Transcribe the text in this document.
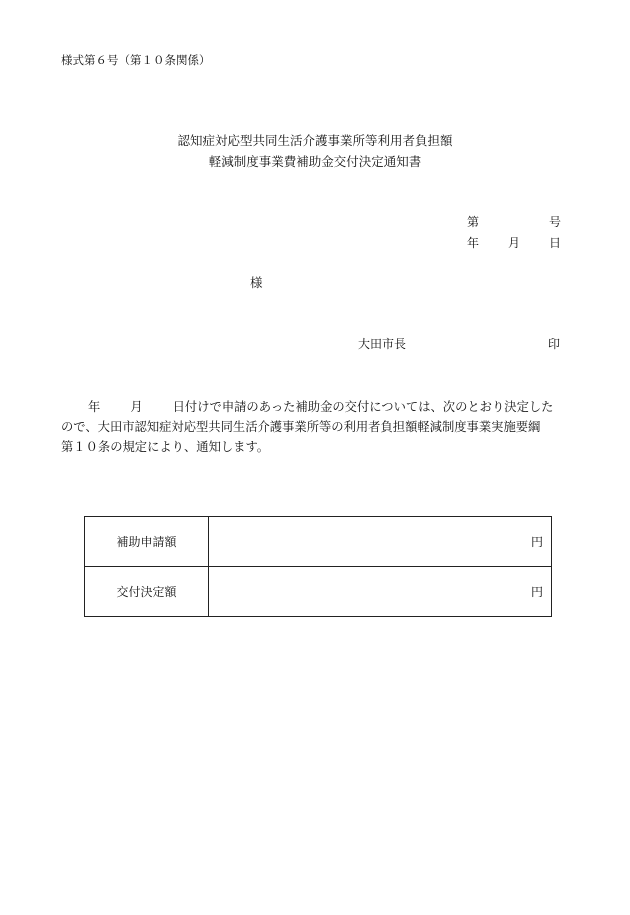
様式第６号（第１０条関係）
認知症対応型共同生活介護事業所等利用者負担額
軽減制度事業費補助金交付決定通知書
第	号
年 月 日
様
大田市長	印
年 月 日付けで申請のあった補助金の交付については、次のとおり決定した
ので、大田市認知症対応型共同生活介護事業所等の利用者負担額軽減制度事業実施要綱
第１０条の規定により、通知します。
補助申請額	円
交付決定額	円
